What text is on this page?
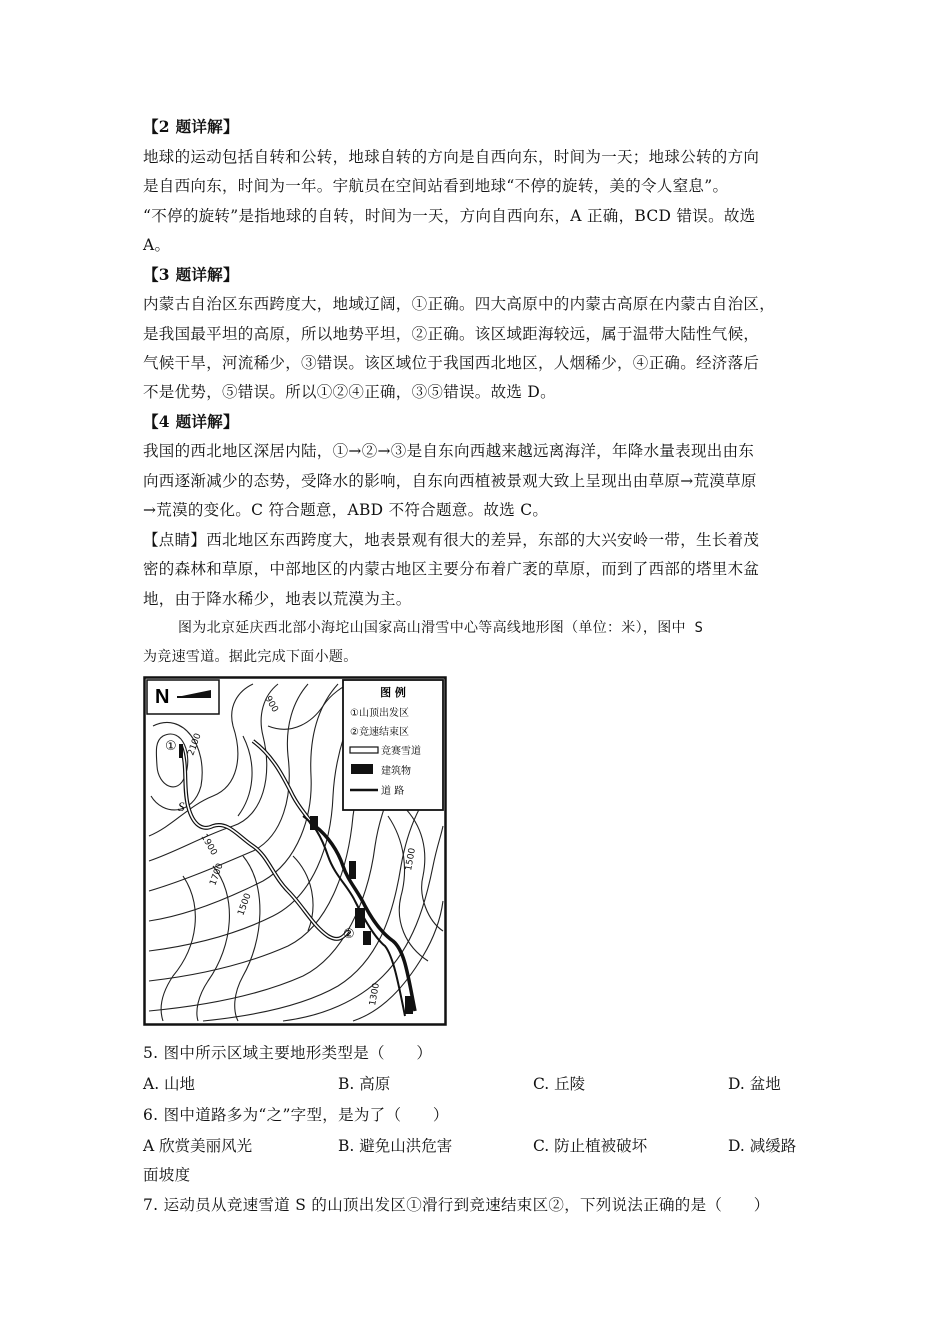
【2 题详解】
地球的运动包括自转和公转，地球自转的方向是自西向东，时间为一天；地球公转的方向
是自西向东，时间为一年。宇航员在空间站看到地球“不停的旋转，美的令人窒息”。
“不停的旋转”是指地球的自转，时间为一天，方向自西向东，A 正确，BCD 错误。故选
A。
【3 题详解】
内蒙古自治区东西跨度大，地域辽阔，①正确。四大高原中的内蒙古高原在内蒙古自治区，
是我国最平坦的高原，所以地势平坦，②正确。该区域距海较远，属于温带大陆性气候，
气候干旱，河流稀少，③错误。该区域位于我国西北地区，人烟稀少，④正确。经济落后
不是优势，⑤错误。所以①②④正确，③⑤错误。故选 D。
【4 题详解】
我国的西北地区深居内陆，①→②→③是自东向西越来越远离海洋，年降水量表现出由东
向西逐渐减少的态势，受降水的影响，自东向西植被景观大致上呈现出由草原→荒漠草原
→荒漠的变化。C 符合题意，ABD 不符合题意。故选 C。
【点睛】西北地区东西跨度大，地表景观有很大的差异，东部的大兴安岭一带，生长着茂
密的森林和草原，中部地区的内蒙古地区主要分布着广袤的草原，而到了西部的塔里木盆
地，由于降水稀少，地表以荒漠为主。
图为北京延庆西北部小海坨山国家高山滑雪中心等高线地形图（单位：米），图中 S
为竞速雪道。据此完成下面小题。
N	图 例
①山顶出发区
②竞速结束区
竞赛雪道
建筑物
道 路
2100
1900
1700
1500
1300
1500
900
S
①
②
5. 图中所示区域主要地形类型是（　　）
A. 山地	B. 高原	C. 丘陵	D. 盆地
6. 图中道路多为“之”字型，是为了（　　）
A 欣赏美丽风光	B. 避免山洪危害	C. 防止植被破坏	D. 减缓路
面坡度
7. 运动员从竞速雪道 S 的山顶出发区①滑行到竞速结束区②，下列说法正确的是（　　）
